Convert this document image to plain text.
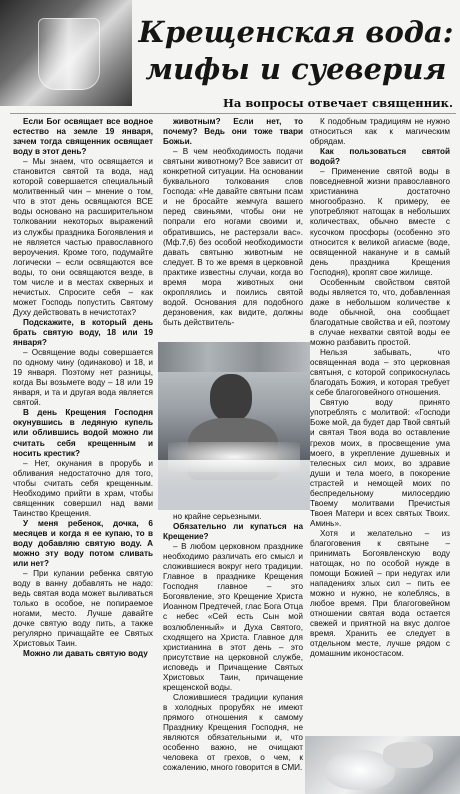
Крещенская вода:
мифы и суеверия
На вопросы отвечает священник.

Если Бог освящает все водное естество на земле 19 января, зачем тогда священник освящает воду в этот день?

– Мы знаем, что освящается и становится святой та вода, над которой совершается специальный молитвенный чин – мнение о том, что в этот день освящаются ВСЕ воды основано на расширительном толковании некоторых выражений из службы праздника Богоявления и не является частью православного вероучения. Кроме того, подумайте логически – если освящаются все воды, то они освящаются везде, в том числе и в местах скверных и нечистых. Спросите себя – как может Господь попустить Святому Духу действовать в нечистотах?

Подскажите, в который день брать святую воду, 18 или 19 января?

– Освящение воды совершается по одному чину (одинаково) и 18, и 19 января. Поэтому нет разницы, когда Вы возьмете воду – 18 или 19 января, и та и другая вода является святой.

В день Крещения Господня окунувшись в ледяную купель или облившись водой можно ли считать себя крещенным и носить крестик?

– Нет, окунания в прорубь и обливания недостаточно для того, чтобы считать себя крещенным. Необходимо прийти в храм, чтобы священник совершил над вами Таинство Крещения.

У меня ребенок, дочка, 6 месяцев и когда я ее купаю, то в воду добавляю святую воду. А можно эту воду потом сливать или нет?

– При купании ребенка святую воду в ванну добавлять не надо: ведь святая вода может выливаться только в особое, не попираемое ногами, место. Лучше давайте дочке святую воду пить, а также регулярно причащайте ее Святых Христовых Таин.

Можно ли давать святую воду

животным? Если нет, то почему? Ведь они тоже твари Божьи.

– В чем необходимость подачи святыни животному? Все зависит от конкретной ситуации. На основании буквального толкования слов Господа: «Не давайте святыни псам и не бросайте жемчуга вашего перед свиньями, чтобы они не попрали его ногами своими и, обратившись, не растерзали вас».(Мф.7,6) без особой необходимости давать святыню животным не следует. В то же время в церковной практике известны случаи, когда во время мора животных они окроплялись и поились святой водой. Основания для подобного дерзновения, как видите, должны быть действитель-

но крайне серьезными.

Обязательно ли купаться на Крещение?

– В любом церковном празднике необходимо различать его смысл и сложившиеся вокруг него традиции. Главное в празднике Крещения Господня главное – это Богоявление, это Крещение Христа Иоанном Предтечей, глас Бога Отца с небес «Сей есть Сын мой возлюбленный» и Духа Святого, сходящего на Христа. Главное для христианина в этот день – это присутствие на церковной службе, исповедь и Причащение Святых Христовых Таин, причащение крещенской воды.

Сложившиеся традиции купания в холодных прорубях не имеют прямого отношения к самому Празднику Крещения Господня, не являются обязательными и, что особенно важно, не очищают человека от грехов, о чем, к сожалению, много говорится в СМИ.

К подобным традициям не нужно относиться как к магическим обрядам.

Как пользоваться святой водой?

– Применение святой воды в повседневной жизни православного христианина достаточно многообразно. К примеру, ее употребляют натощак в небольших количествах, обычно вместе с кусочком просфоры (особенно это относится к великой агиасме (воде, освященной накануне и в самый день праздника Крещения Господня), кропят свое жилище.

Особенным свойством святой воды является то, что, добавленная даже в небольшом количестве к воде обычной, она сообщает благодатные свойства и ей, поэтому в случае нехватки святой воды ее можно разбавить простой.

Нельзя забывать, что освященная вода – это церковная святыня, с которой соприкоснулась благодать Божия, и которая требует к себе благоговейного отношения.

Святую воду принято употреблять с молитвой: «Господи Боже мой, да будет дар Твой святый и святая Твоя вода во оставление грехов моих, в просвещение ума моего, в укрепление душевных и телесных сил моих, во здравие души и тела моего, в покорение страстей и немощей моих по беспредельному милосердию Твоему молитвами Пречистыя Твоея Матери и всех святых Твоих. Аминь».

Хотя и желательно – из благоговения к святыне – принимать Богоявленскую воду натощак, но по особой нужде в помощи Божией – при недугах или нападениях злых сил – пить ее можно и нужно, не колеблясь, в любое время. При благоговейном отношении святая вода остается свежей и приятной на вкус долгое время. Хранить ее следует в отдельном месте, лучше рядом с домашним иконостасом.
